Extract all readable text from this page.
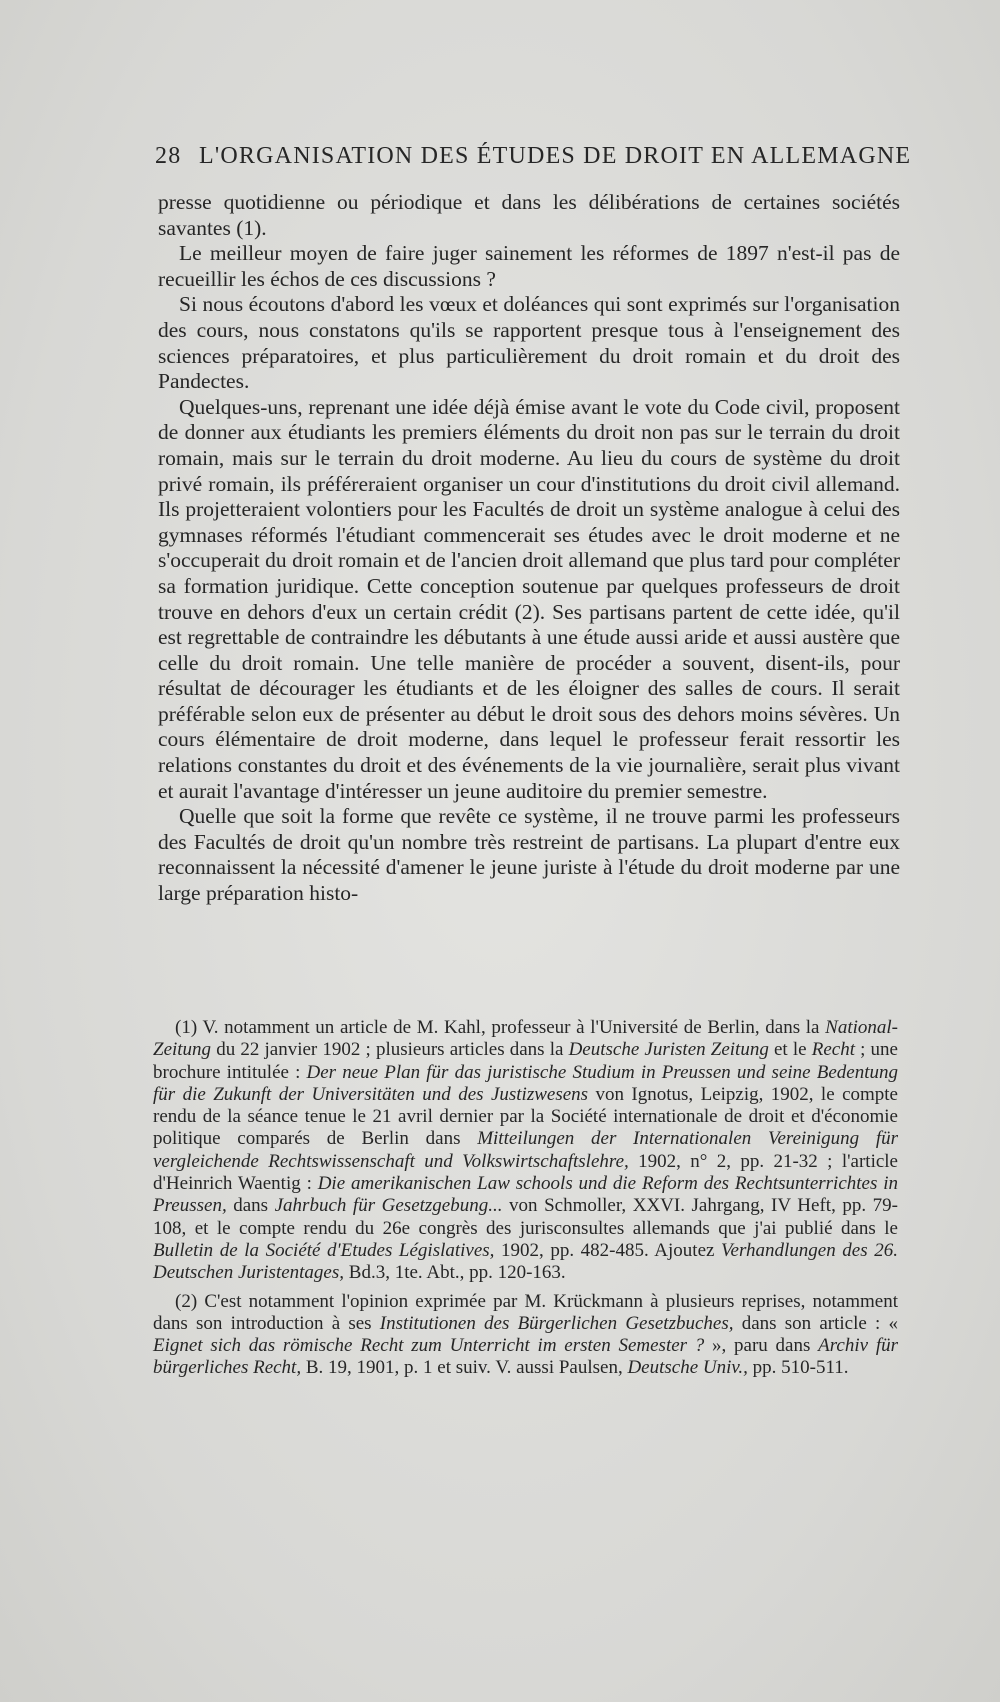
28 L'ORGANISATION DES ÉTUDES DE DROIT EN ALLEMAGNE

presse quotidienne ou périodique et dans les délibérations de certaines sociétés savantes (1).

Le meilleur moyen de faire juger sainement les réformes de 1897 n'est-il pas de recueillir les échos de ces discussions ?

Si nous écoutons d'abord les vœux et doléances qui sont exprimés sur l'organisation des cours, nous constatons qu'ils se rapportent presque tous à l'enseignement des sciences préparatoires, et plus particulièrement du droit romain et du droit des Pandectes.

Quelques-uns, reprenant une idée déjà émise avant le vote du Code civil, proposent de donner aux étudiants les premiers éléments du droit non pas sur le terrain du droit romain, mais sur le terrain du droit moderne. Au lieu du cours de système du droit privé romain, ils préféreraient organiser un cour d'institutions du droit civil allemand. Ils projetteraient volontiers pour les Facultés de droit un système analogue à celui des gymnases réformés l'étudiant commencerait ses études avec le droit moderne et ne s'occuperait du droit romain et de l'ancien droit allemand que plus tard pour compléter sa formation juridique. Cette conception soutenue par quelques professeurs de droit trouve en dehors d'eux un certain crédit (2). Ses partisans partent de cette idée, qu'il est regrettable de contraindre les débutants à une étude aussi aride et aussi austère que celle du droit romain. Une telle manière de procéder a souvent, disent-ils, pour résultat de décourager les étudiants et de les éloigner des salles de cours. Il serait préférable selon eux de présenter au début le droit sous des dehors moins sévères. Un cours élémentaire de droit moderne, dans lequel le professeur ferait ressortir les relations constantes du droit et des événements de la vie journalière, serait plus vivant et aurait l'avantage d'intéresser un jeune auditoire du premier semestre.

Quelle que soit la forme que revête ce système, il ne trouve parmi les professeurs des Facultés de droit qu'un nombre très restreint de partisans. La plupart d'entre eux reconnaissent la nécessité d'amener le jeune juriste à l'étude du droit moderne par une large préparation histo-

(1) V. notamment un article de M. Kahl, professeur à l'Université de Berlin, dans la National-Zeitung du 22 janvier 1902 ; plusieurs articles dans la Deutsche Juristen Zeitung et le Recht ; une brochure intitulée : Der neue Plan für das juristische Studium in Preussen und seine Bedentung für die Zukunft der Universitäten und des Justizwesens von Ignotus, Leipzig, 1902, le compte rendu de la séance tenue le 21 avril dernier par la Société internationale de droit et d'économie politique comparés de Berlin dans Mitteilungen der Internationalen Vereinigung für vergleichende Rechtswissenschaft und Volkswirtschaftslehre, 1902, n° 2, pp. 21-32 ; l'article d'Heinrich Waentig : Die amerikanischen Law schools und die Reform des Rechtsunterrichtes in Preussen, dans Jahrbuch für Gesetzgebung... von Schmoller, XXVI. Jahrgang, IV Heft, pp. 79-108, et le compte rendu du 26e congrès des jurisconsultes allemands que j'ai publié dans le Bulletin de la Société d'Etudes Législatives, 1902, pp. 482-485. Ajoutez Verhandlungen des 26. Deutschen Juristentages, Bd.3, 1te. Abt., pp. 120-163.

(2) C'est notamment l'opinion exprimée par M. Krückmann à plusieurs reprises, notamment dans son introduction à ses Institutionen des Bürgerlichen Gesetzbuches, dans son article : « Eignet sich das römische Recht zum Unterricht im ersten Semester ? », paru dans Archiv für bürgerliches Recht, B. 19, 1901, p. 1 et suiv. V. aussi Paulsen, Deutsche Univ., pp. 510-511.
